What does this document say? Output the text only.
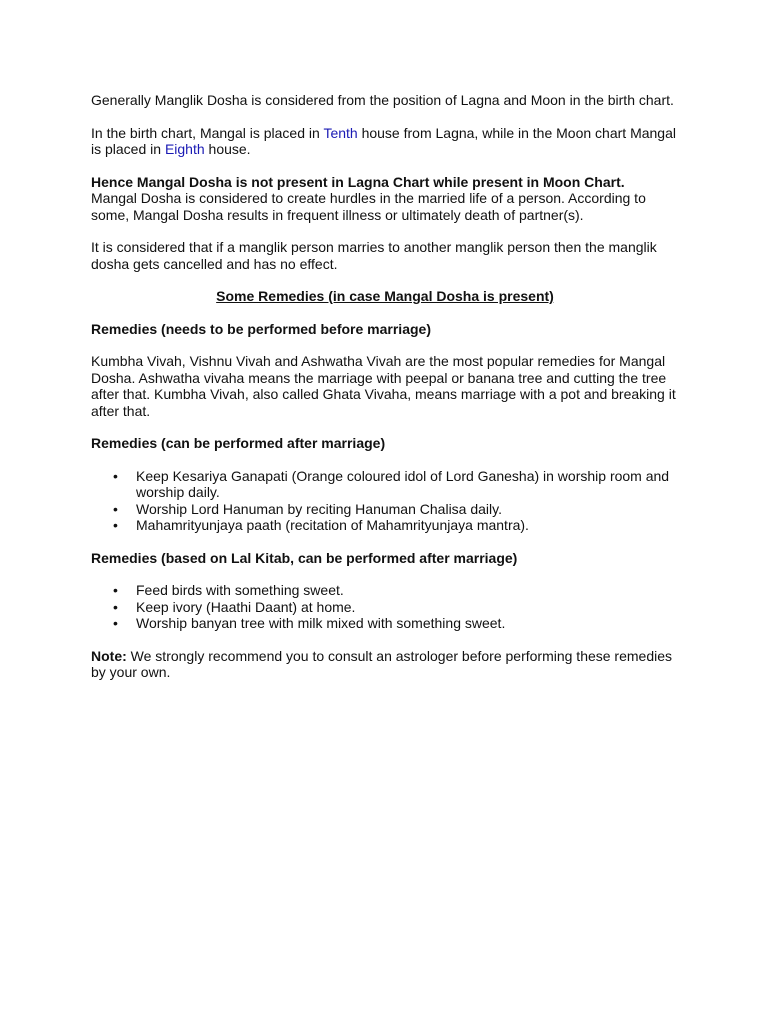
Generally Manglik Dosha is considered from the position of Lagna and Moon in the birth chart.

In the birth chart, Mangal is placed in Tenth house from Lagna, while in the Moon chart Mangal is placed in Eighth house.

Hence Mangal Dosha is not present in Lagna Chart while present in Moon Chart.
Mangal Dosha is considered to create hurdles in the married life of a person. According to some, Mangal Dosha results in frequent illness or ultimately death of partner(s).

It is considered that if a manglik person marries to another manglik person then the manglik dosha gets cancelled and has no effect.

Some Remedies (in case Mangal Dosha is present)

Remedies (needs to be performed before marriage)

Kumbha Vivah, Vishnu Vivah and Ashwatha Vivah are the most popular remedies for Mangal Dosha. Ashwatha vivaha means the marriage with peepal or banana tree and cutting the tree after that. Kumbha Vivah, also called Ghata Vivaha, means marriage with a pot and breaking it after that.

Remedies (can be performed after marriage)

• Keep Kesariya Ganapati (Orange coloured idol of Lord Ganesha) in worship room and worship daily.
• Worship Lord Hanuman by reciting Hanuman Chalisa daily.
• Mahamrityunjaya paath (recitation of Mahamrityunjaya mantra).

Remedies (based on Lal Kitab, can be performed after marriage)

• Feed birds with something sweet.
• Keep ivory (Haathi Daant) at home.
• Worship banyan tree with milk mixed with something sweet.

Note: We strongly recommend you to consult an astrologer before performing these remedies by your own.
